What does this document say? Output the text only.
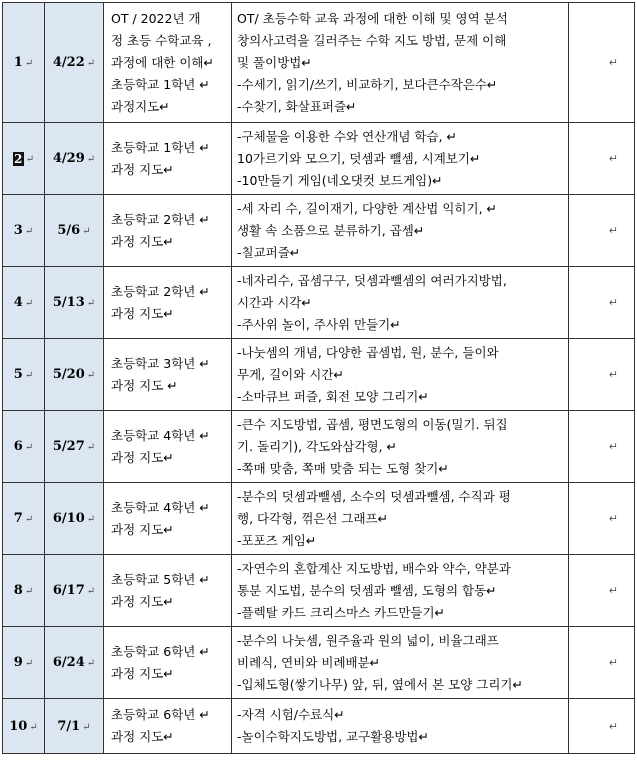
1 ↵	4/22 ↵	OT / 2022년 개
정 초등 수학교육 ,
과정에 대한 이해↵
초등학교 1학년 ↵
과정지도↵	OT/ 초등수학 교육 과정에 대한 이해 및 영역 분석
창의사고력을 길러주는 수학 지도 방법, 문제 이해
및 풀이방법↵
-수세기, 읽기/쓰기, 비교하기, 보다큰수작은수↵
-수찾기, 화살표퍼즐↵	↵
2 ↵	4/29 ↵	초등학교 1학년 ↵
과정 지도↵	-구체물을 이용한 수와 연산개념 학습, ↵
10가르기와 모으기, 덧셈과 뺄셈, 시계보기↵
-10만들기 게임(네오댓컷 보드게임)↵	↵
3 ↵	5/6 ↵	초등학교 2학년 ↵
과정 지도↵	-세 자리 수, 길이재기, 다양한 계산법 익히기, ↵
생활 속 소품으로 분류하기, 곱셈↵
-칠교퍼즐↵	↵
4 ↵	5/13 ↵	초등학교 2학년 ↵
과정 지도↵	-네자리수, 곱셈구구, 덧셈과뺄셈의 여러가지방법,
시간과 시각↵
-주사위 놀이, 주사위 만들기↵	↵
5 ↵	5/20 ↵	초등학교 3학년 ↵
과정 지도 ↵	-나눗셈의 개념, 다양한 곱셈법, 원, 분수, 들이와
무게, 길이와 시간↵
-소마큐브 퍼즐, 회전 모양 그리기↵	↵
6 ↵	5/27 ↵	초등학교 4학년 ↵
과정 지도↵	-큰수 지도방법, 곱셈, 평면도형의 이동(밀기. 뒤집
기. 돌리기), 각도와삼각형, ↵
-쪽매 맞춤, 쪽매 맞춤 되는 도형 찾기↵	↵
7 ↵	6/10 ↵	초등학교 4학년 ↵
과정 지도↵	-분수의 덧셈과뺄셈, 소수의 덧셈과뺄셈, 수직과 평
행, 다각형, 꺾은선 그래프↵
-포포즈 게임↵	↵
8 ↵	6/17 ↵	초등학교 5학년 ↵
과정 지도↵	-자연수의 혼합계산 지도방법, 배수와 약수, 약분과
통분 지도법, 분수의 덧셈과 뺄셈, 도형의 합동↵
-플렉탈 카드 크리스마스 카드만들기↵	↵
9 ↵	6/24 ↵	초등학교 6학년 ↵
과정 지도↵	-분수의 나눗셈, 원주율과 원의 넓이, 비율그래프
비례식, 연비와 비례배분↵
-입체도형(쌓기나무) 앞, 뒤, 옆에서 본 모양 그리기↵	↵
10 ↵	7/1 ↵	초등학교 6학년 ↵
과정 지도↵	-자격 시험/수료식↵
-놀이수학지도방법, 교구활용방법↵	↵
